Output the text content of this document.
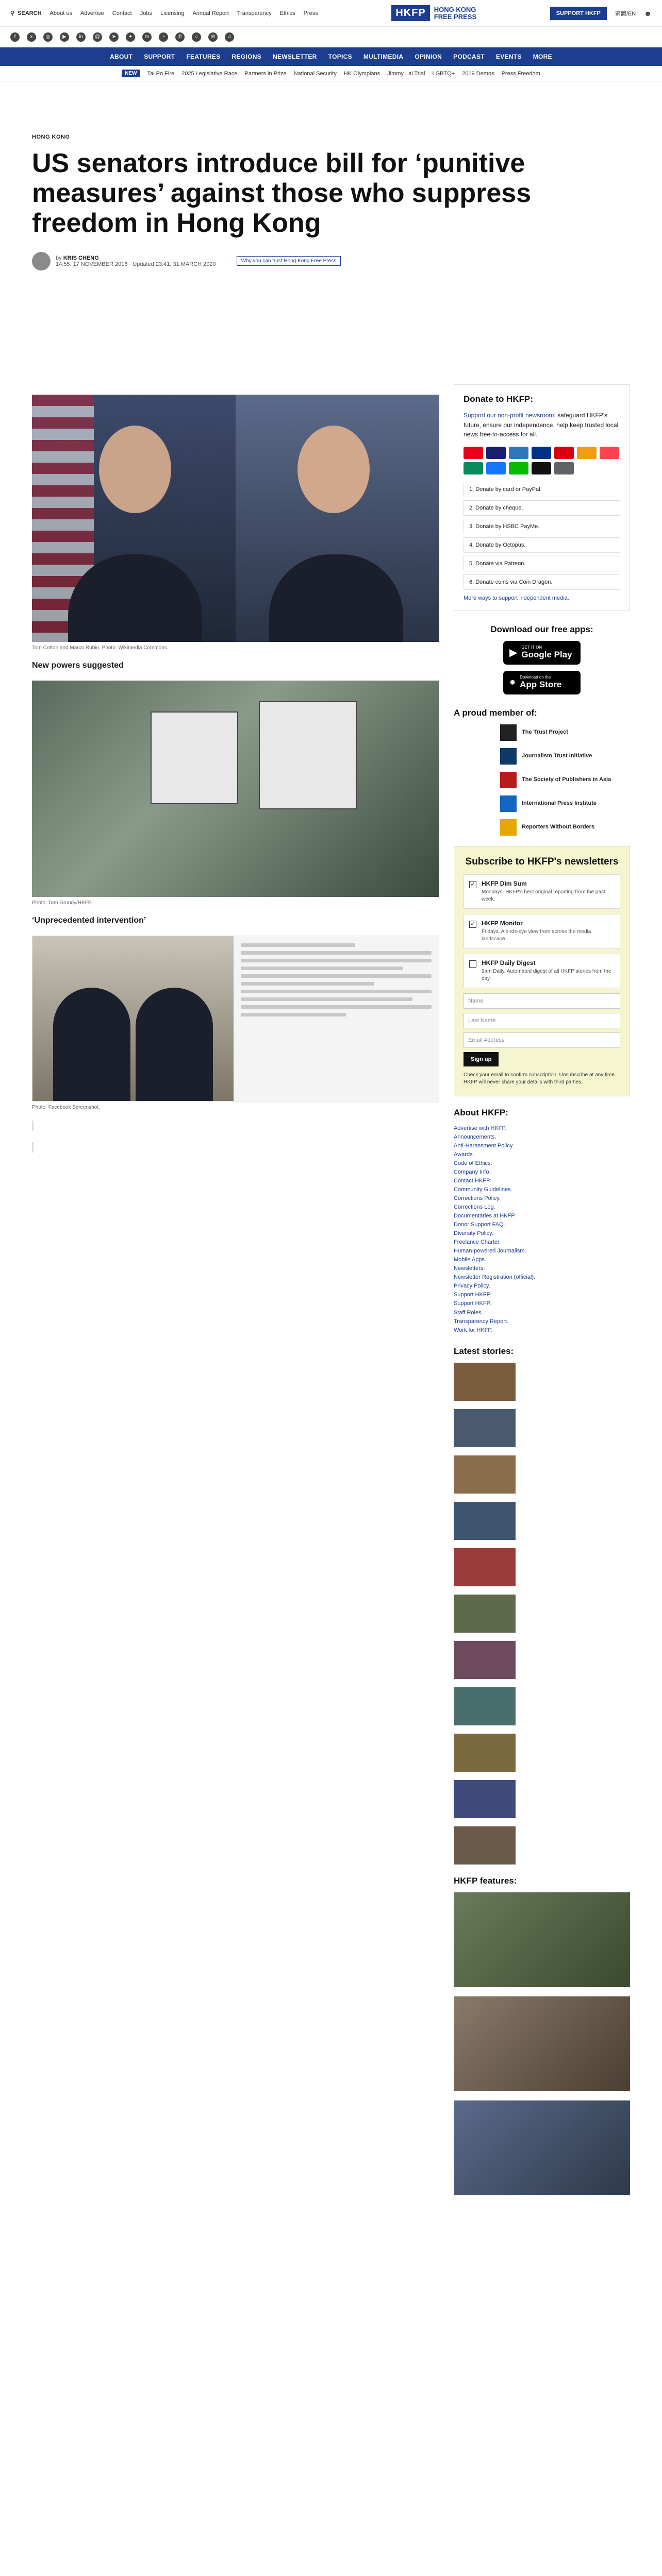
⚲ SEARCH About us Advertise Contact Jobs Licensing Annual Report Transparency Ethics Press	HKFP	HONG KONG
FREE PRESS	SUPPORT HKFP	繁體/EN ☻
f	x	◎	▶	in	@	➤	✦	m	◔	✆	○	✉	♫
ABOUT SUPPORT FEATURES REGIONS NEWSLETTER TOPICS MULTIMEDIA OPINION PODCAST EVENTS MORE
NEW	Tai Po Fire 2025 Legislative Race Partners in Prize National Security HK Olympians Jimmy Lai Trial LGBTQ+ 2019 Demos Press Freedom
HONG KONG
US senators introduce bill for ‘punitive measures’ against those who suppress freedom in Hong Kong
by KRIS CHENG
14:55, 17 NOVEMBER 2016 · Updated 23:41, 31 MARCH 2020	Why you can trust Hong Kong Free Press

Tom Cotton and Marco Rubio. Photo: Wikimedia Commons.

New powers suggested

Photo: Tom Grundy/HKFP.

‘Unprecedented intervention’

Photo: Facebook Screenshot.

Donate to HKFP:
Support our non-profit newsroom: safeguard HKFP's future, ensure our independence, help keep trusted local news free-to-access for all.
1. Donate by card or PayPal.
2. Donate by cheque.
3. Donate by HSBC PayMe.
4. Donate by Octopus.
5. Donate via Patreon.
6. Donate coins via Coin Dragon.
More ways to support independent media.
Download our free apps:
▶ GET IT ON
Google Play
● Download on the
App Store
A proud member of:
The Trust Project
Journalism Trust Initiative
The Society of Publishers in Asia
International Press Institute
Reporters Without Borders
Subscribe to HKFP's newsletters
✓ HKFP Dim Sum
Mondays. HKFP's best original reporting from the past week.
✓ HKFP Monitor
Fridays. A birds-eye view from across the media landscape.
HKFP Daily Digest
9am Daily. Automated digest of all HKFP stories from the day.
Name
Last Name
Email Address
Sign up
Check your email to confirm subscription. Unsubscribe at any time. HKFP will never share your details with third parties.
About HKFP:
Advertise with HKFP.
Announcements.
Anti-Harassment Policy.
Awards.
Code of Ethics.
Company Info.
Contact HKFP.
Community Guidelines.
Corrections Policy.
Corrections Log.
Documentaries at HKFP.
Donor Support FAQ.
Diversity Policy.
Freelance Charter.
Human-powered Journalism.
Mobile Apps.
Newsletters.
Newsletter Registration (official).
Privacy Policy.
Support HKFP.
Support HKFP.
Staff Roles.
Transparency Report.
Work for HKFP.
Latest stories:
HKFP features:
